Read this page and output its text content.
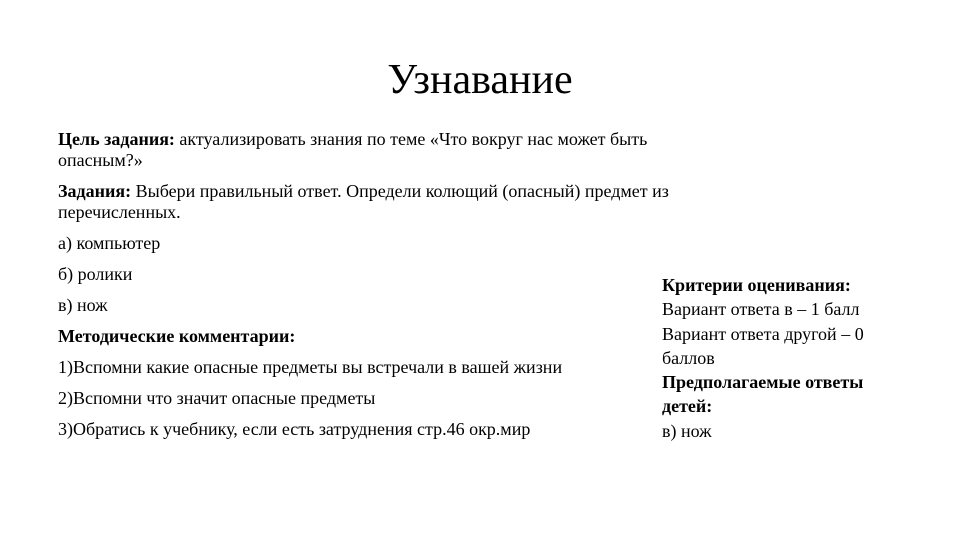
Узнавание

Цель задания: актуализировать знания по теме «Что вокруг нас может быть опасным?»

Задания: Выбери правильный ответ. Определи колющий (опасный) предмет из перечисленных.

а) компьютер

б) ролики

в) нож

Методические комментарии:

1)Вспомни какие опасные предметы вы встречали в вашей жизни

2)Вспомни что значит опасные предметы

3)Обратись к учебнику, если есть затруднения стр.46 окр.мир

Критерии оценивания:
Вариант ответа в – 1 балл
Вариант ответа другой – 0 баллов
Предполагаемые ответы детей:
в) нож
